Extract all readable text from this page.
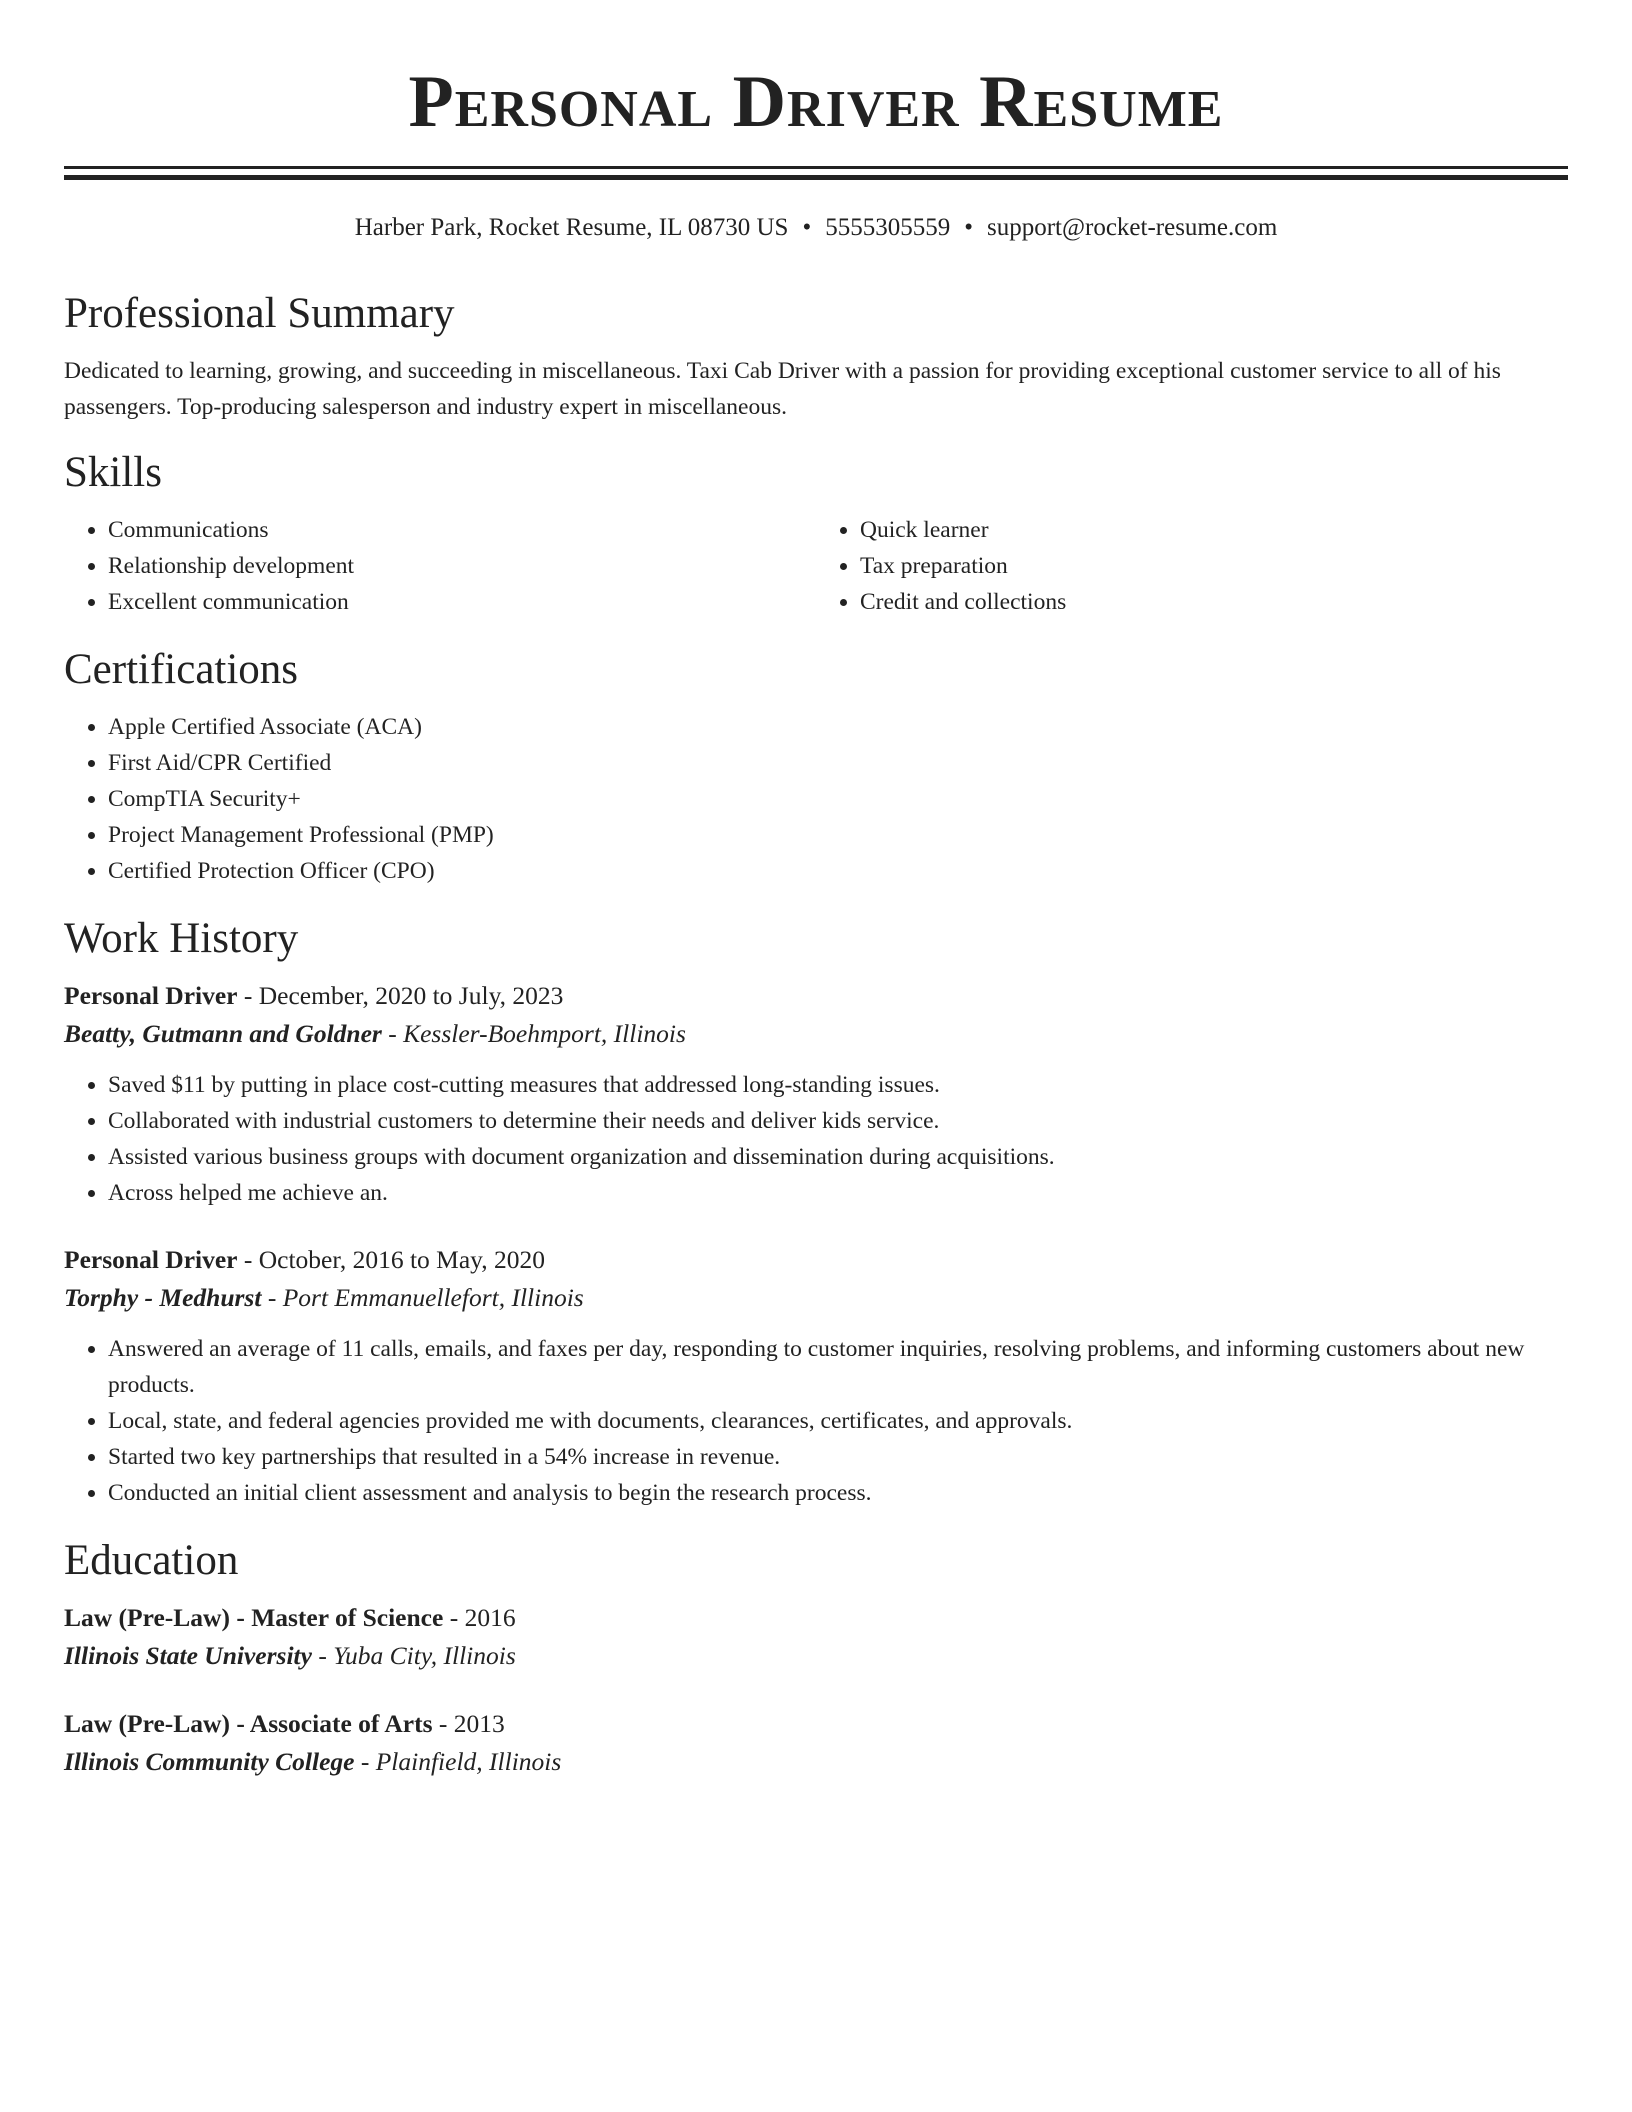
Personal Driver Resume
Harber Park, Rocket Resume, IL 08730 US • 5555305559 • support@rocket-resume.com
Professional Summary

Dedicated to learning, growing, and succeeding in miscellaneous. Taxi Cab Driver with a passion for providing exceptional customer service to all of his passengers. Top-producing salesperson and industry expert in miscellaneous.

Skills
• Communications
• Relationship development
• Excellent communication
• Quick learner
• Tax preparation
• Credit and collections
Certifications
• Apple Certified Associate (ACA)
• First Aid/CPR Certified
• CompTIA Security+
• Project Management Professional (PMP)
• Certified Protection Officer (CPO)
Work History
Personal Driver - December, 2020 to July, 2023
Beatty, Gutmann and Goldner - Kessler-Boehmport, Illinois
• Saved $11 by putting in place cost-cutting measures that addressed long-standing issues.
• Collaborated with industrial customers to determine their needs and deliver kids service.
• Assisted various business groups with document organization and dissemination during acquisitions.
• Across helped me achieve an.
Personal Driver - October, 2016 to May, 2020
Torphy - Medhurst - Port Emmanuellefort, Illinois
• Answered an average of 11 calls, emails, and faxes per day, responding to customer inquiries, resolving problems, and informing customers about new products.
• Local, state, and federal agencies provided me with documents, clearances, certificates, and approvals.
• Started two key partnerships that resulted in a 54% increase in revenue.
• Conducted an initial client assessment and analysis to begin the research process.
Education
Law (Pre-Law) - Master of Science - 2016
Illinois State University - Yuba City, Illinois
Law (Pre-Law) - Associate of Arts - 2013
Illinois Community College - Plainfield, Illinois
